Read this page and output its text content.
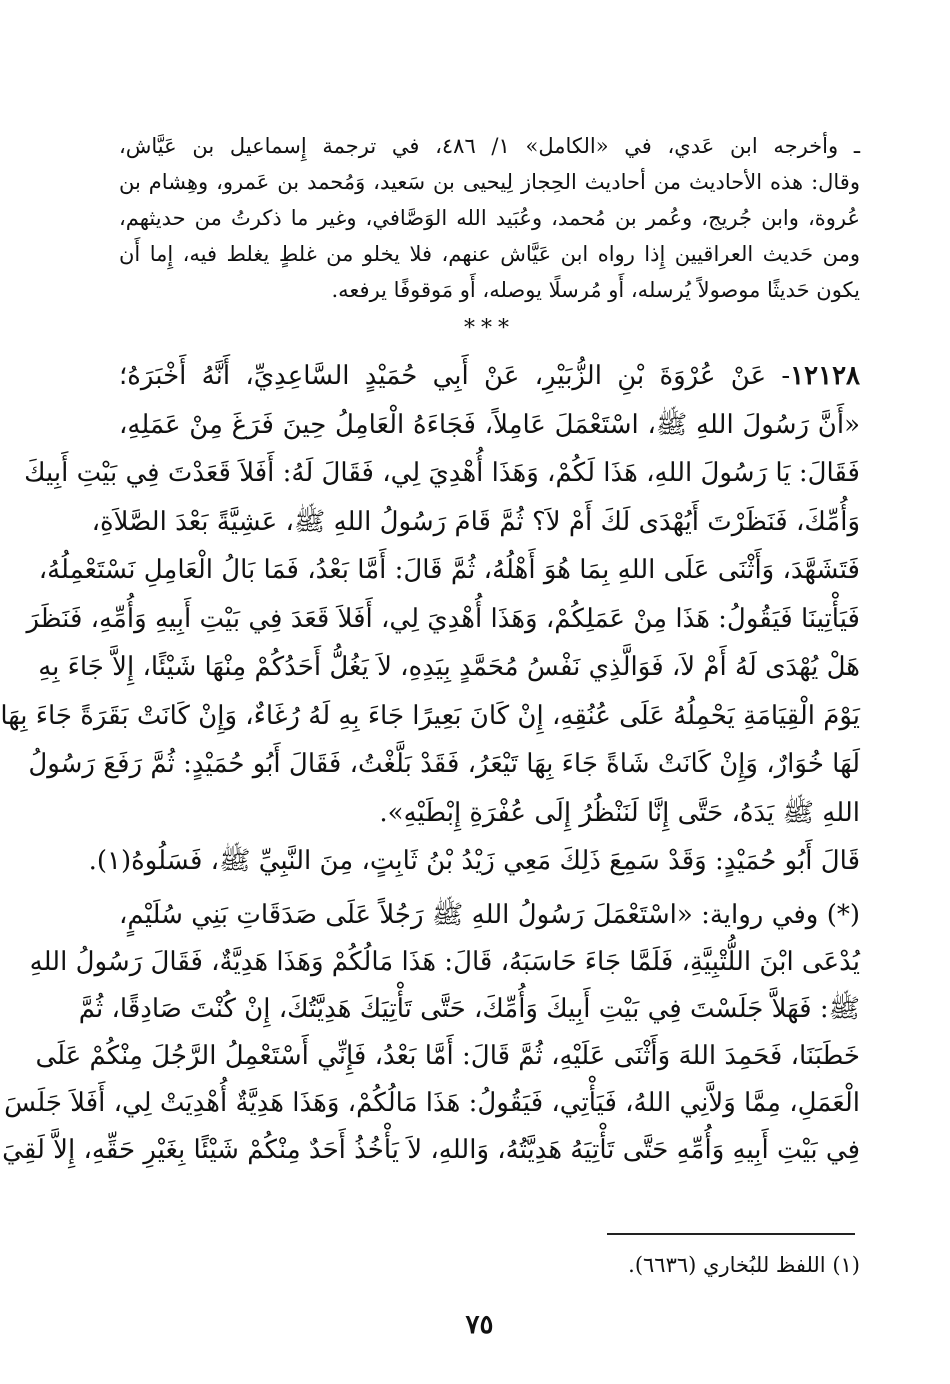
ـ وأخرجه ابن عَدي، في «الكامل» ١/ ٤٨٦، في ترجمة إِسماعيل بن عَيَّاش،
وقال: هذه الأحاديث من أحاديث الحِجاز لِيحيى بن سَعيد، وَمُحمد بن عَمرو، وهِشام بن
عُروة، وابن جُريج، وعُمر بن مُحمد، وعُبَيد الله الوَصَّافي، وغير ما ذكرتُ من حديثهم،
ومن حَديث العراقيين إِذا رواه ابن عَيَّاش عنهم، فلا يخلو من غلطٍ يغلط فيه، إِما أَن
يكون حَديثًا موصولاً يُرسله، أَو مُرسلًا يوصله، أَو مَوقوفًا يرفعه.
***
١٢١٢٨- عَنْ عُرْوَةَ بْنِ الزُّبَيْرِ، عَنْ أَبِي حُمَيْدٍ السَّاعِدِيِّ، أَنَّهُ أَخْبَرَهُ؛
«أَنَّ رَسُولَ اللهِ ﷺ، اسْتَعْمَلَ عَامِلاً، فَجَاءَهُ الْعَامِلُ حِينَ فَرَغَ مِنْ عَمَلِهِ،
فَقَالَ: يَا رَسُولَ اللهِ، هَذَا لَكُمْ، وَهَذَا أُهْدِيَ لِي، فَقَالَ لَهُ: أَفَلاَ قَعَدْتَ فِي بَيْتِ أَبِيكَ
وَأُمِّكَ، فَنَظَرْتَ أَيُهْدَى لَكَ أَمْ لاَ؟ ثُمَّ قَامَ رَسُولُ اللهِ ﷺ، عَشِيَّةً بَعْدَ الصَّلاَةِ،
فَتَشَهَّدَ، وَأَثْنَى عَلَى اللهِ بِمَا هُوَ أَهْلُهُ، ثُمَّ قَالَ: أَمَّا بَعْدُ، فَمَا بَالُ الْعَامِلِ نَسْتَعْمِلُهُ،
فَيَأْتِينَا فَيَقُولُ: هَذَا مِنْ عَمَلِكُمْ، وَهَذَا أُهْدِيَ لِي، أَفَلاَ قَعَدَ فِي بَيْتِ أَبِيهِ وَأُمِّهِ، فَنَظَرَ
هَلْ يُهْدَى لَهُ أَمْ لاَ، فَوَالَّذِي نَفْسُ مُحَمَّدٍ بِيَدِهِ، لاَ يَغُلُّ أَحَدُكُمْ مِنْهَا شَيْئًا، إِلاَّ جَاءَ بِهِ
يَوْمَ الْقِيَامَةِ يَحْمِلُهُ عَلَى عُنُقِهِ، إِنْ كَانَ بَعِيرًا جَاءَ بِهِ لَهُ رُغَاءٌ، وَإِنْ كَانَتْ بَقَرَةً جَاءَ بِهَا
لَهَا خُوَارٌ، وَإِنْ كَانَتْ شَاةً جَاءَ بِهَا تَيْعَرُ، فَقَدْ بَلَّغْتُ، فَقَالَ أَبُو حُمَيْدٍ: ثُمَّ رَفَعَ رَسُولُ
اللهِ ﷺ يَدَهُ، حَتَّى إِنَّا لَنَنْظُرُ إِلَى عُفْرَةِ إِبْطَيْهِ».
قَالَ أَبُو حُمَيْدٍ: وَقَدْ سَمِعَ ذَلِكَ مَعِي زَيْدُ بْنُ ثَابِتٍ، مِنَ النَّبِيِّ ﷺ، فَسَلُوهُ(١).
(*) وفي رواية: «اسْتَعْمَلَ رَسُولُ اللهِ ﷺ رَجُلاً عَلَى صَدَقَاتِ بَنِي سُلَيْمٍ،
يُدْعَى ابْنَ اللُّتْبِيَّةِ، فَلَمَّا جَاءَ حَاسَبَهُ، قَالَ: هَذَا مَالُكُمْ وَهَذَا هَدِيَّةٌ، فَقَالَ رَسُولُ اللهِ
ﷺ: فَهَلاَّ جَلَسْتَ فِي بَيْتِ أَبِيكَ وَأُمِّكَ، حَتَّى تَأْتِيَكَ هَدِيَّتُكَ، إِنْ كُنْتَ صَادِقًا، ثُمَّ
خَطَبَنَا، فَحَمِدَ اللهَ وَأَثْنَى عَلَيْهِ، ثُمَّ قَالَ: أَمَّا بَعْدُ، فَإِنِّي أَسْتَعْمِلُ الرَّجُلَ مِنْكُمْ عَلَى
الْعَمَلِ، مِمَّا وَلاَّنِي اللهُ، فَيَأْتِي، فَيَقُولُ: هَذَا مَالُكُمْ، وَهَذَا هَدِيَّةٌ أُهْدِيَتْ لِي، أَفَلاَ جَلَسَ
فِي بَيْتِ أَبِيهِ وَأُمِّهِ حَتَّى تَأْتِيَهُ هَدِيَّتُهُ، وَاللهِ، لاَ يَأْخُذُ أَحَدٌ مِنْكُمْ شَيْئًا بِغَيْرِ حَقِّهِ، إِلاَّ لَقِيَ
(١) اللفظ للبُخاري (٦٦٣٦).
٧٥
